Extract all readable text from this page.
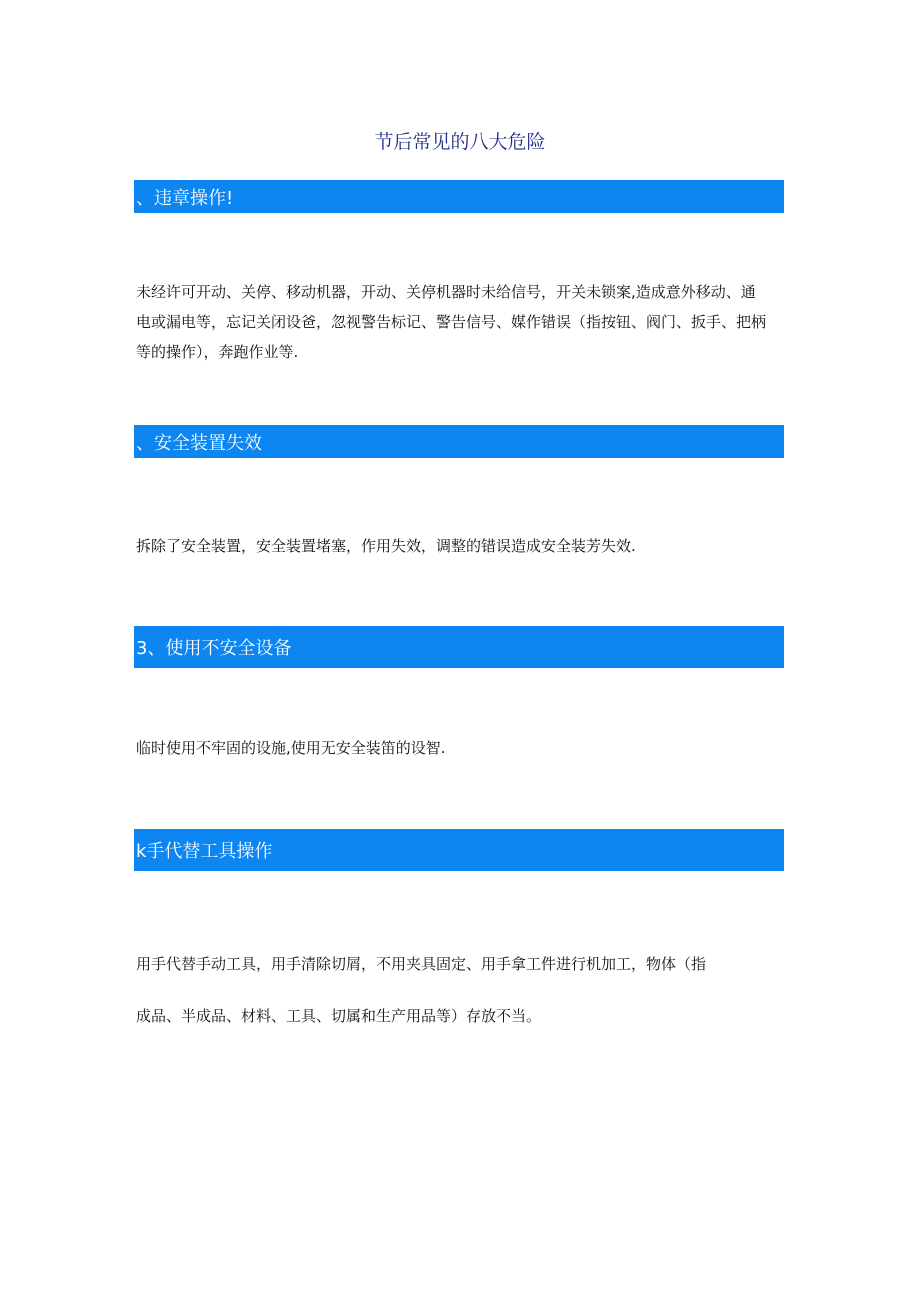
节后常见的八大危险
、违章操作!
未经许可开动、关停、移动机器，开动、关停机器时未给信号，开关未锁案,造成意外移动、通
电或漏电等，忘记关闭设爸，忽视警告标记、警告信号、媒作错误（指按钮、阀门、扳手、把柄
等的操作），奔跑作业等.
、安全装置失效
拆除了安全装置，安全装置堵塞，作用失效，调整的错误造成安全装芳失效.
3、使用不安全设备
临时使用不牢固的设施,使用无安全装笛的设智.
k手代替工具操作
用手代替手动工具，用手清除切屑，不用夹具固定、用手拿工件进行机加工，物体（指
成品、半成品、材料、工具、切属和生产用品等）存放不当。
